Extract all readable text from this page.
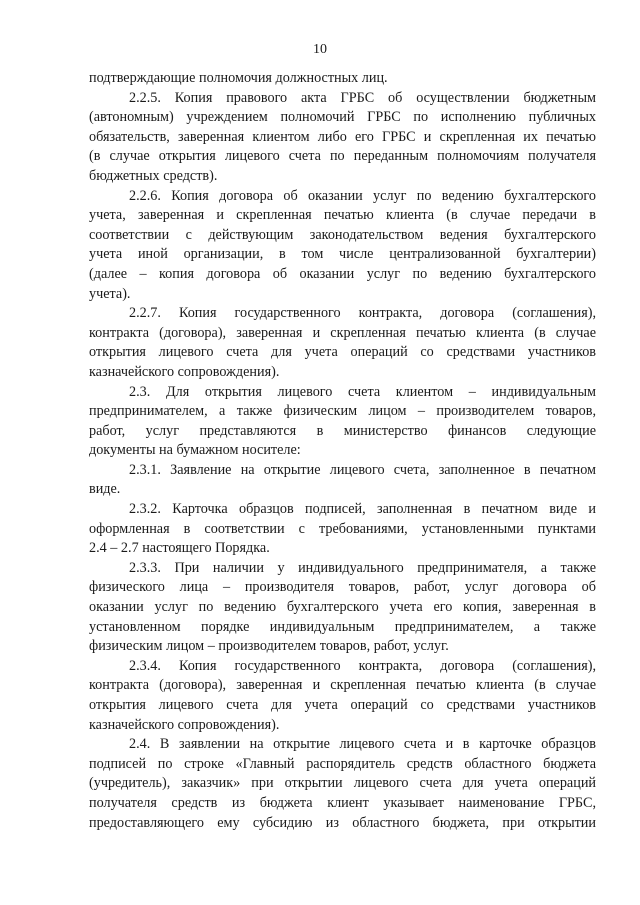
10
подтверждающие полномочия должностных лиц.
2.2.5. Копия правового акта ГРБС об осуществлении бюджетным
(автономным) учреждением полномочий ГРБС по исполнению публичных
обязательств, заверенная клиентом либо его ГРБС и скрепленная их печатью
(в случае открытия лицевого счета по переданным полномочиям получателя
бюджетных средств).
2.2.6. Копия договора об оказании услуг по ведению бухгалтерского
учета, заверенная и скрепленная печатью клиента (в случае передачи в
соответствии с действующим законодательством ведения бухгалтерского
учета иной организации, в том числе централизованной бухгалтерии)
(далее – копия договора об оказании услуг по ведению бухгалтерского
учета).
2.2.7. Копия государственного контракта, договора (соглашения),
контракта (договора), заверенная и скрепленная печатью клиента (в случае
открытия лицевого счета для учета операций со средствами участников
казначейского сопровождения).
2.3. Для открытия лицевого счета клиентом – индивидуальным
предпринимателем, а также физическим лицом – производителем товаров,
работ, услуг представляются в министерство финансов следующие
документы на бумажном носителе:
2.3.1. Заявление на открытие лицевого счета, заполненное в печатном
виде.
2.3.2. Карточка образцов подписей, заполненная в печатном виде и
оформленная в соответствии с требованиями, установленными пунктами
2.4 – 2.7 настоящего Порядка.
2.3.3. При наличии у индивидуального предпринимателя, а также
физического лица – производителя товаров, работ, услуг договора об
оказании услуг по ведению бухгалтерского учета его копия, заверенная в
установленном порядке индивидуальным предпринимателем, а также
физическим лицом – производителем товаров, работ, услуг.
2.3.4. Копия государственного контракта, договора (соглашения),
контракта (договора), заверенная и скрепленная печатью клиента (в случае
открытия лицевого счета для учета операций со средствами участников
казначейского сопровождения).
2.4. В заявлении на открытие лицевого счета и в карточке образцов
подписей по строке «Главный распорядитель средств областного бюджета
(учредитель), заказчик» при открытии лицевого счета для учета операций
получателя средств из бюджета клиент указывает наименование ГРБС,
предоставляющего ему субсидию из областного бюджета, при открытии
